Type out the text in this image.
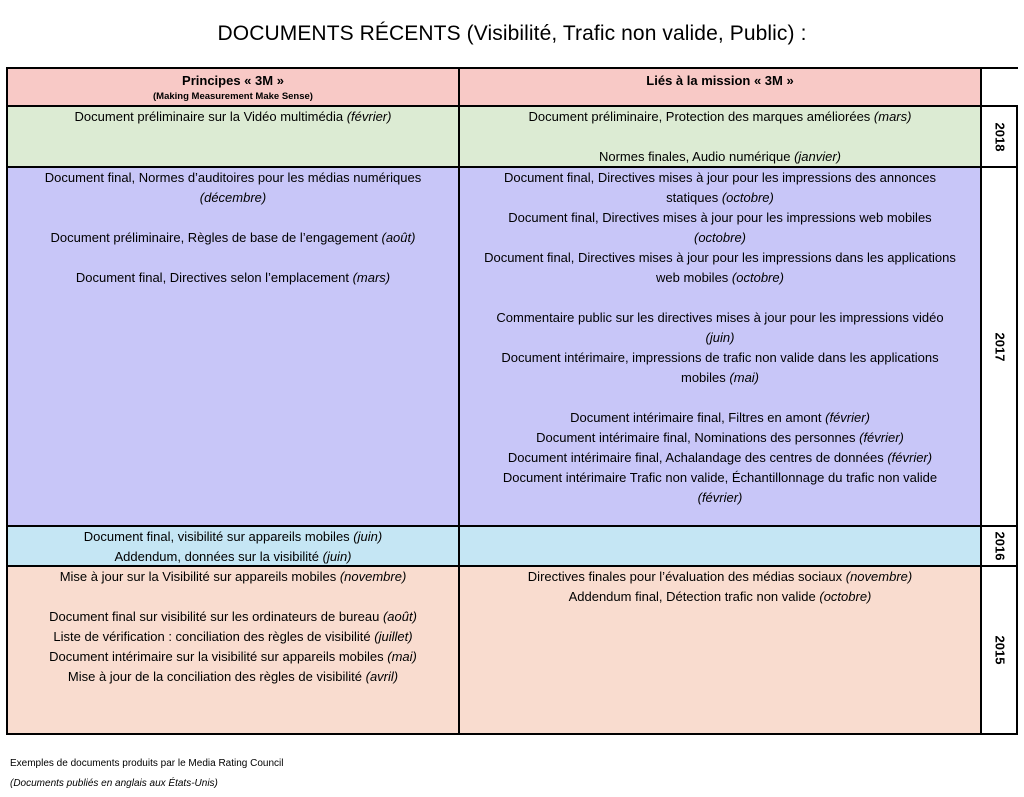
DOCUMENTS RÉCENTS (Visibilité, Trafic non valide, Public) :
Principes « 3M »
(Making Measurement Make Sense)
Liés à la mission « 3M »
Document préliminaire sur la Vidéo multimédia (février)	Document préliminaire, Protection des marques améliorées (mars)
Normes finales, Audio numérique (janvier)
2018
Document final, Normes d’auditoires pour les médias numériques
(décembre)
Document préliminaire, Règles de base de l’engagement (août)
Document final, Directives selon l’emplacement (mars)
Document final, Directives mises à jour pour les impressions des annonces
statiques (octobre)
Document final, Directives mises à jour pour les impressions web mobiles
(octobre)
Document final, Directives mises à jour pour les impressions dans les applications
web mobiles (octobre)
Commentaire public sur les directives mises à jour pour les impressions vidéo
(juin)
Document intérimaire, impressions de trafic non valide dans les applications
mobiles (mai)
Document intérimaire final, Filtres en amont (février)
Document intérimaire final, Nominations des personnes (février)
Document intérimaire final, Achalandage des centres de données (février)
Document intérimaire Trafic non valide, Échantillonnage du trafic non valide
(février)
2017
Document final, visibilité sur appareils mobiles (juin)
Addendum, données sur la visibilité (juin)	2016
Mise à jour sur la Visibilité sur appareils mobiles (novembre)
Document final sur visibilité sur les ordinateurs de bureau (août)
Liste de vérification : conciliation des règles de visibilité (juillet)
Document intérimaire sur la visibilité sur appareils mobiles (mai)
Mise à jour de la conciliation des règles de visibilité (avril)
Directives finales pour l’évaluation des médias sociaux (novembre)
Addendum final, Détection trafic non valide (octobre)
2015
Exemples de documents produits par le Media Rating Council
(Documents publiés en anglais aux États-Unis)
